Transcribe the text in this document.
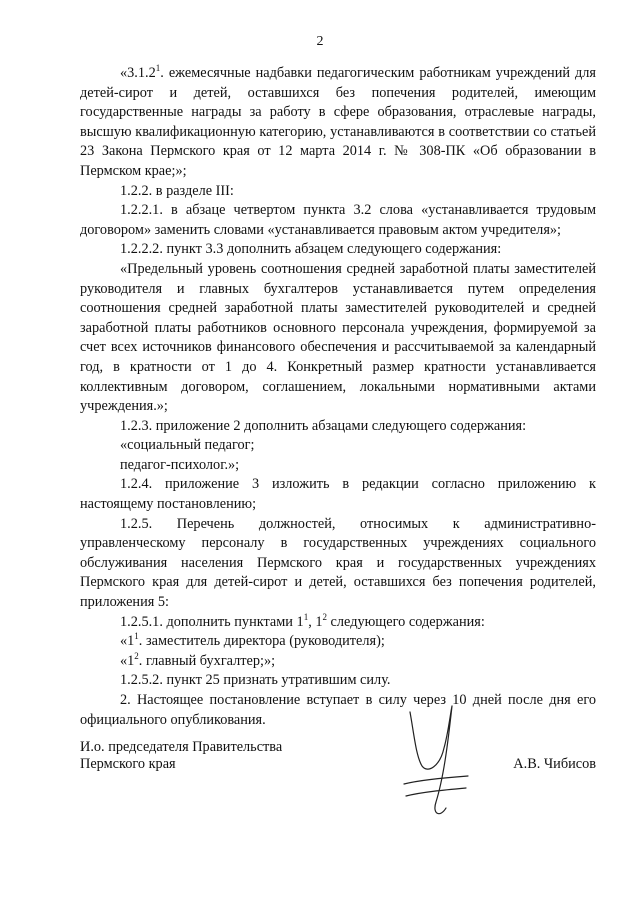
2

«3.1.2$^1$. ежемесячные надбавки педагогическим работникам учреждений для детей-сирот и детей, оставшихся без попечения родителей, имеющим государственные награды за работу в сфере образования, отраслевые награды, высшую квалификационную категорию, устанавливаются в соответствии со статьей 23 Закона Пермского края от 12 марта 2014 г. № 308-ПК «Об образовании в Пермском крае;»;

1.2.2. в разделе III:

1.2.2.1. в абзаце четвертом пункта 3.2 слова «устанавливается трудовым договором» заменить словами «устанавливается правовым актом учредителя»;

1.2.2.2. пункт 3.3 дополнить абзацем следующего содержания:

«Предельный уровень соотношения средней заработной платы заместителей руководителя и главных бухгалтеров устанавливается путем определения соотношения средней заработной платы заместителей руководителей и средней заработной платы работников основного персонала учреждения, формируемой за счет всех источников финансового обеспечения и рассчитываемой за календарный год, в кратности от 1 до 4. Конкретный размер кратности устанавливается коллективным договором, соглашением, локальными нормативными актами учреждения.»;

1.2.3. приложение 2 дополнить абзацами следующего содержания:

«социальный педагог;

педагог-психолог.»;

1.2.4. приложение 3 изложить в редакции согласно приложению к настоящему постановлению;

1.2.5. Перечень должностей, относимых к административно-управленческому персоналу в государственных учреждениях социального обслуживания населения Пермского края и государственных учреждениях Пермского края для детей-сирот и детей, оставшихся без попечения родителей, приложения 5:

1.2.5.1. дополнить пунктами $1^1$, $1^2$ следующего содержания:

«$1^1$. заместитель директора (руководителя);

«$1^2$. главный бухгалтер;»;

1.2.5.2. пункт 25 признать утратившим силу.

2. Настоящее постановление вступает в силу через 10 дней после дня его официального опубликования.

И.о. председателя Правительства
Пермского края	А.В. Чибисов
